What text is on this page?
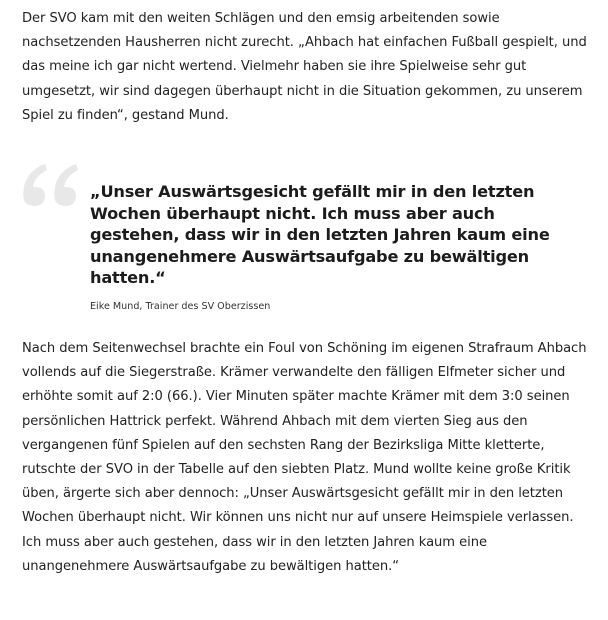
Der SVO kam mit den weiten Schlägen und den emsig arbeitenden sowie nachsetzenden Hausherren nicht zurecht. „Ahbach hat einfachen Fußball gespielt, und das meine ich gar nicht wertend. Vielmehr haben sie ihre Spielweise sehr gut umgesetzt, wir sind dagegen überhaupt nicht in die Situation gekommen, zu unserem Spiel zu finden“, gestand Mund.

„Unser Auswärtsgesicht gefällt mir in den letzten Wochen überhaupt nicht. Ich muss aber auch gestehen, dass wir in den letzten Jahren kaum eine unangenehmere Auswärtsaufgabe zu bewältigen hatten.“

Eike Mund, Trainer des SV Oberzissen

Nach dem Seitenwechsel brachte ein Foul von Schöning im eigenen Strafraum Ahbach vollends auf die Siegerstraße. Krämer verwandelte den fälligen Elfmeter sicher und erhöhte somit auf 2:0 (66.). Vier Minuten später machte Krämer mit dem 3:0 seinen persönlichen Hattrick perfekt. Während Ahbach mit dem vierten Sieg aus den vergangenen fünf Spielen auf den sechsten Rang der Bezirksliga Mitte kletterte, rutschte der SVO in der Tabelle auf den siebten Platz. Mund wollte keine große Kritik üben, ärgerte sich aber dennoch: „Unser Auswärtsgesicht gefällt mir in den letzten Wochen überhaupt nicht. Wir können uns nicht nur auf unsere Heimspiele verlassen. Ich muss aber auch gestehen, dass wir in den letzten Jahren kaum eine unangenehmere Auswärtsaufgabe zu bewältigen hatten.“
